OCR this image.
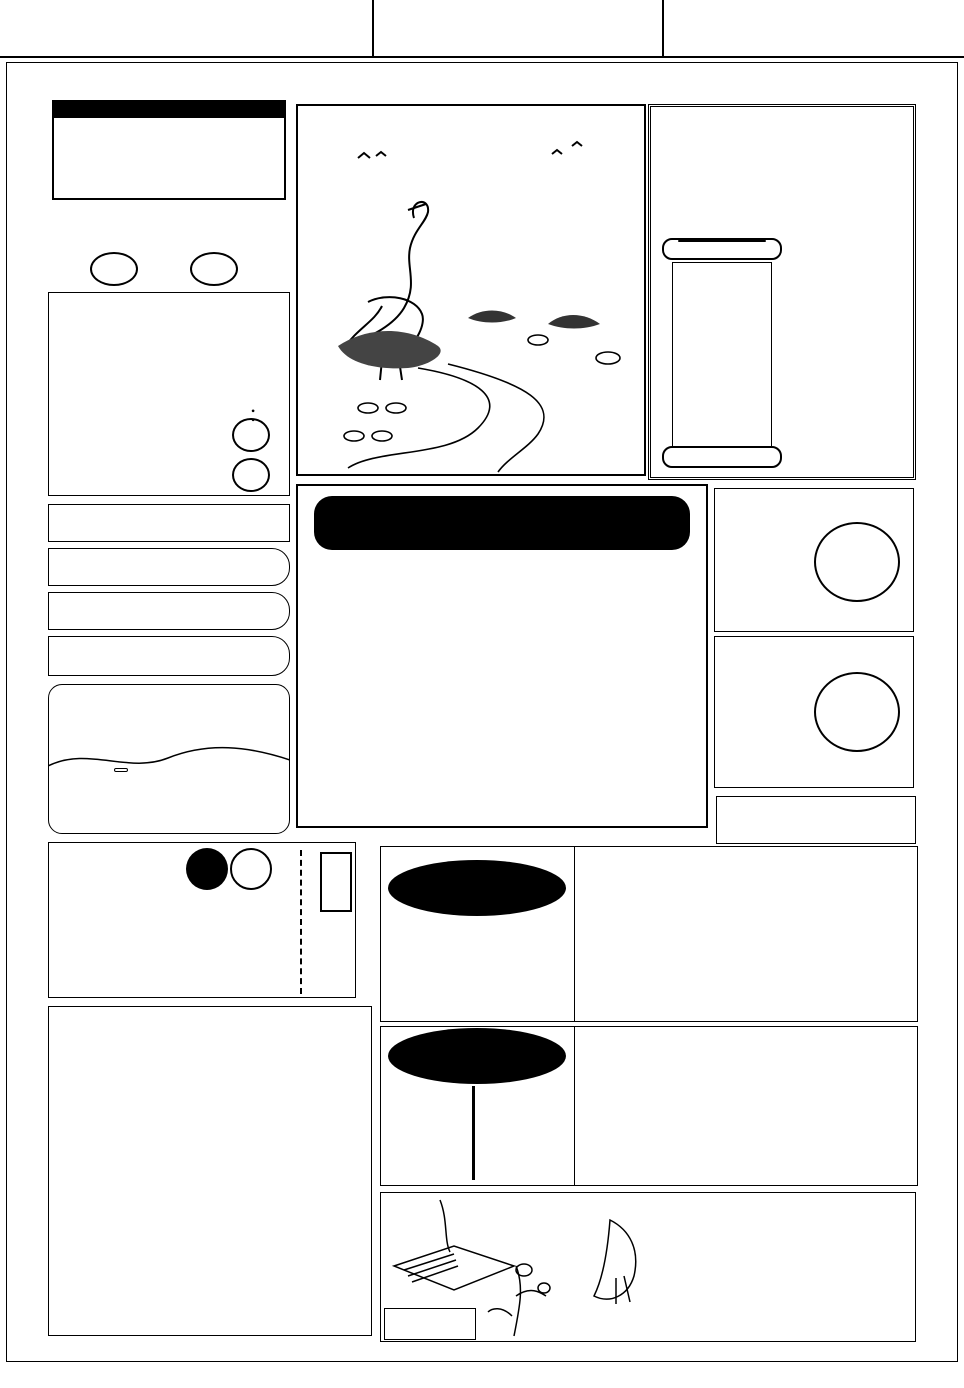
：
